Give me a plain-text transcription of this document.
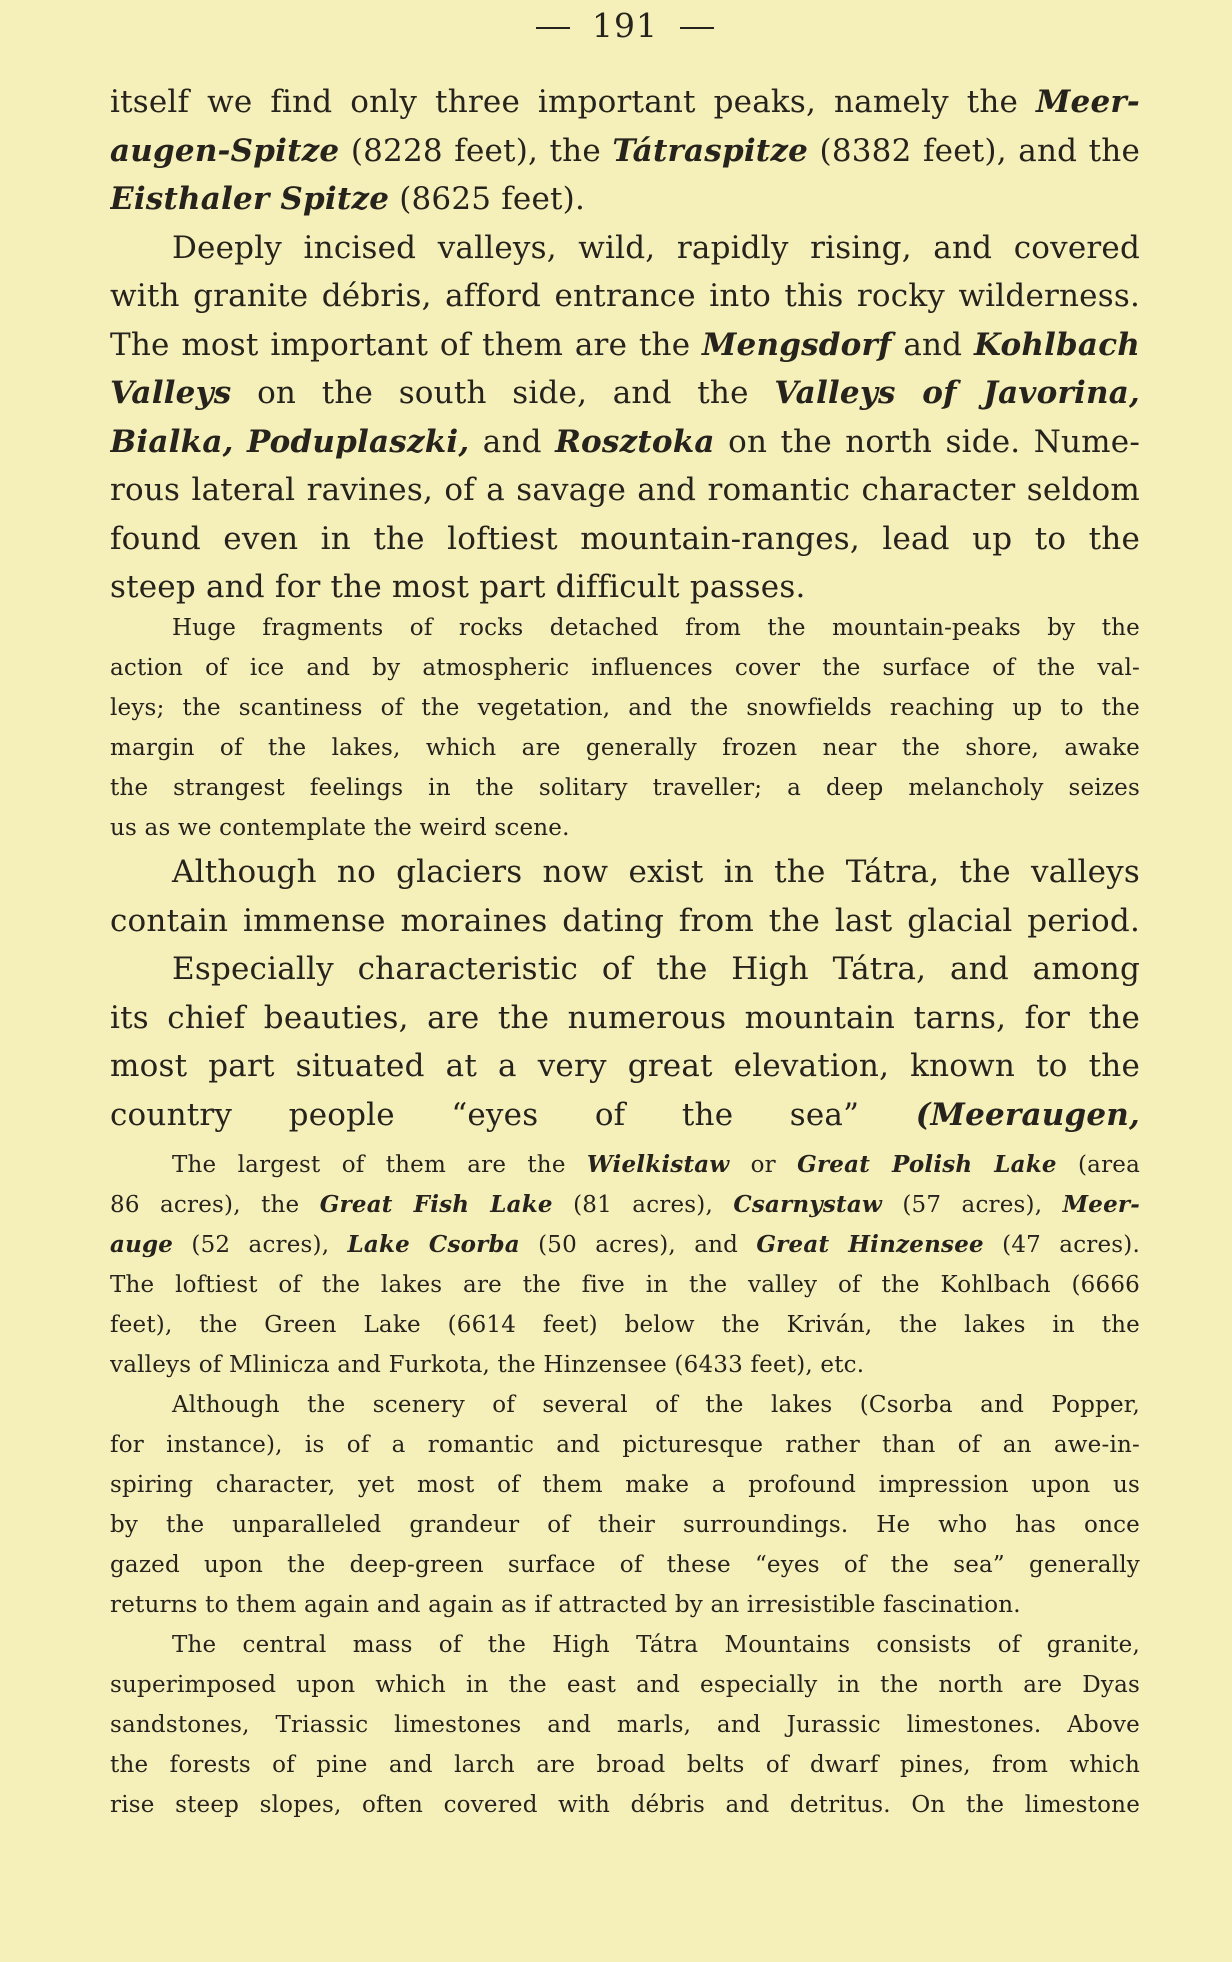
191
itself we find only three important peaks, namely the Meer-
augen-Spitze (8228 feet), the Tátraspitze (8382 feet), and the
Eisthaler Spitze (8625 feet).
Deeply incised valleys, wild, rapidly rising, and covered
with granite débris, afford entrance into this rocky wilderness.
The most important of them are the Mengsdorf and Kohlbach
Valleys on the south side, and the Valleys of Javorina,
Bialka, Poduplaszki, and Rosztoka on the north side. Nume-
rous lateral ravines, of a savage and romantic character seldom
found even in the loftiest mountain-ranges, lead up to the
steep and for the most part difficult passes.
Huge fragments of rocks detached from the mountain-peaks by the
action of ice and by atmospheric influences cover the surface of the val-
leys; the scantiness of the vegetation, and the snowfields reaching up to the
margin of the lakes, which are generally frozen near the shore, awake
the strangest feelings in the solitary traveller; a deep melancholy seizes
us as we contemplate the weird scene.
Although no glaciers now exist in the Tátra, the valleys
contain immense moraines dating from the last glacial period.
Especially characteristic of the High Tátra, and among
its chief beauties, are the numerous mountain tarns, for the
most part situated at a very great elevation, known to the
country people “eyes of the sea” (Meeraugen,
The largest of them are the Wielkistaw or Great Polish Lake (area
86 acres), the Great Fish Lake (81 acres), Csarnystaw (57 acres), Meer-
auge (52 acres), Lake Csorba (50 acres), and Great Hinzensee (47 acres).
The loftiest of the lakes are the five in the valley of the Kohlbach (6666
feet), the Green Lake (6614 feet) below the Kriván, the lakes in the
valleys of Mlinicza and Furkota, the Hinzensee (6433 feet), etc.
Although the scenery of several of the lakes (Csorba and Popper,
for instance), is of a romantic and picturesque rather than of an awe-in-
spiring character, yet most of them make a profound impression upon us
by the unparalleled grandeur of their surroundings. He who has once
gazed upon the deep-green surface of these “eyes of the sea” generally
returns to them again and again as if attracted by an irresistible fascination.
The central mass of the High Tátra Mountains consists of granite,
superimposed upon which in the east and especially in the north are Dyas
sandstones, Triassic limestones and marls, and Jurassic limestones. Above
the forests of pine and larch are broad belts of dwarf pines, from which
rise steep slopes, often covered with débris and detritus. On the limestone
